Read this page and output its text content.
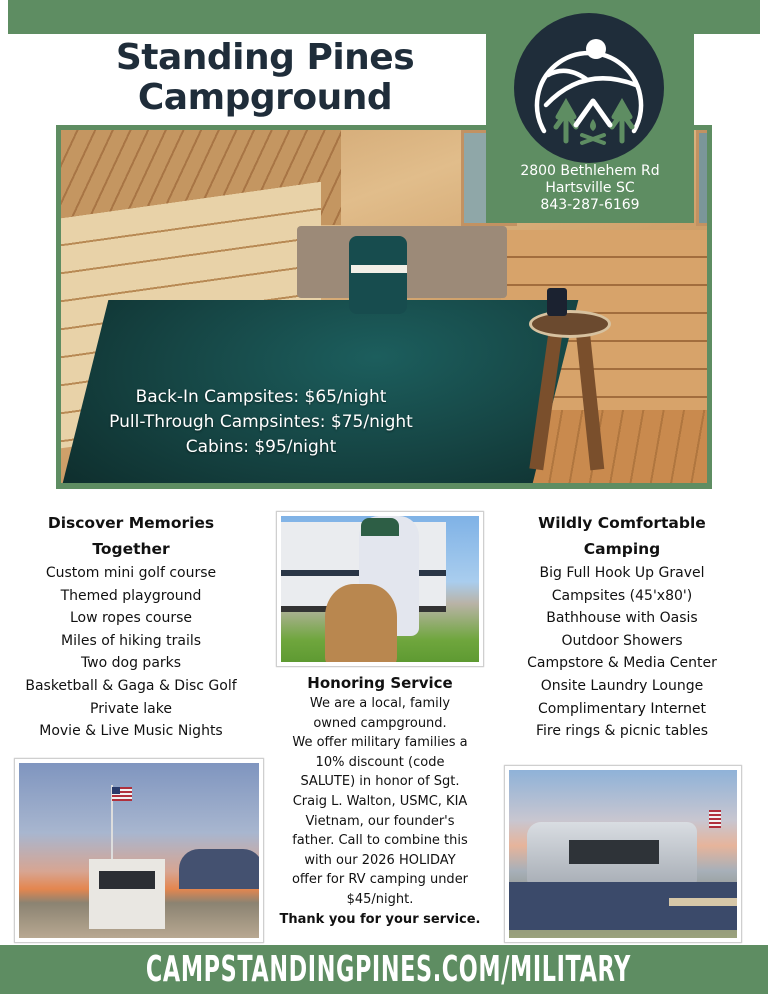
Standing Pines
Campground
Back-In Campsites: $65/night
Pull-Through Campsintes: $75/night
Cabins: $95/night
2800 Bethlehem Rd
Hartsville SC
843-287-6169
Discover Memories
Together
Custom mini golf course
Themed playground
Low ropes course
Miles of hiking trails
Two dog parks
Basketball & Gaga & Disc Golf
Private lake
Movie & Live Music Nights
Honoring Service
We are a local, family
owned campground.
We offer military families a
10% discount (code
SALUTE) in honor of Sgt.
Craig L. Walton, USMC, KIA
Vietnam, our founder's
father. Call to combine this
with our 2026 HOLIDAY
offer for RV camping under
$45/night.
Thank you for your service.
Wildly Comfortable
Camping
Big Full Hook Up Gravel
Campsites (45'x80')
Bathhouse with Oasis
Outdoor Showers
Campstore & Media Center
Onsite Laundry Lounge
Complimentary Internet
Fire rings & picnic tables
CAMPSTANDINGPINES.COM/MILITARY
